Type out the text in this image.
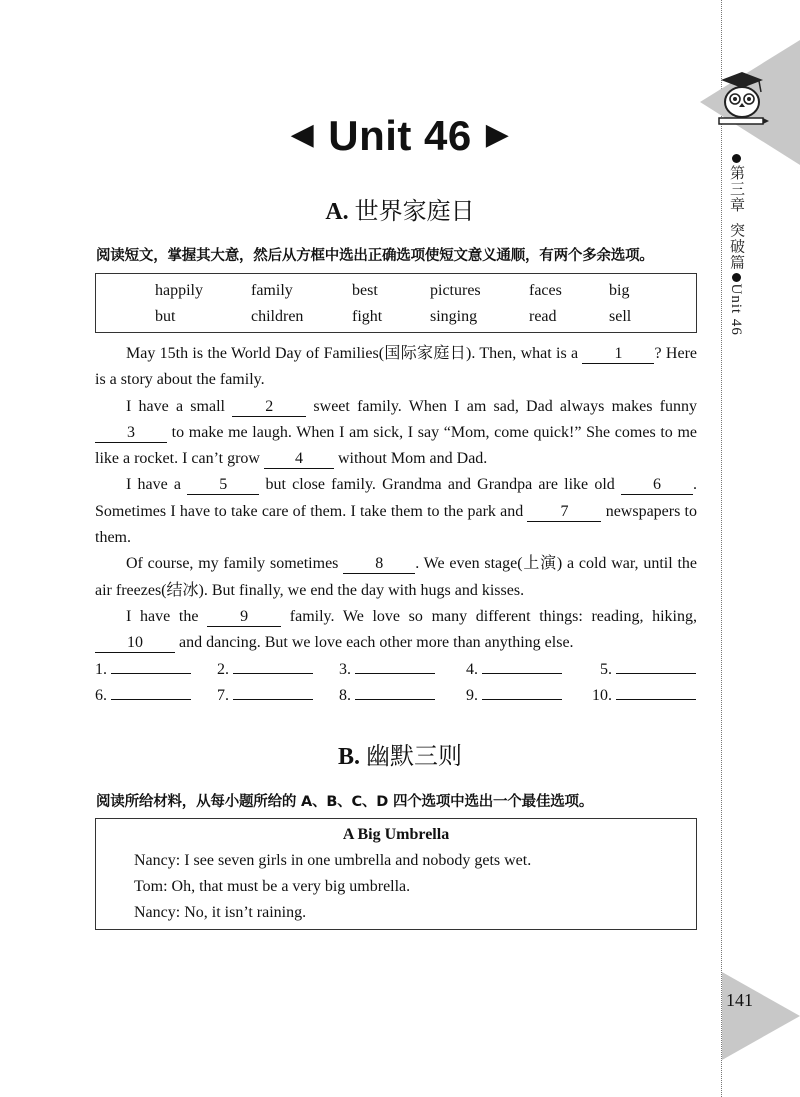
第三章  突破篇Unit 46
141
◀ Unit 46 ▶
A. 世界家庭日
阅读短文，掌握其大意，然后从方框中选出正确选项使短文意义通顺，有两个多余选项。
happily	family	best	pictures	faces	big
but	children	fight	singing	read	sell

May 15th is the World Day of Families(国际家庭日). Then, what is a 1 ? Here is a story about the family.

I have a small 2 sweet family. When I am sad, Dad always makes funny 3 to make me laugh. When I am sick, I say “Mom, come quick!” She comes to me like a rocket. I can’t grow 4 without Mom and Dad.

I have a 5 but close family. Grandma and Grandpa are like old 6 . Sometimes I have to take care of them. I take them to the park and 7 newspapers to them.

Of course, my family sometimes 8 . We even stage(上演) a cold war, until the air freezes(结冰). But finally, we end the day with hugs and kisses.

I have the 9 family. We love so many different things: reading, hiking, 10 and dancing. But we love each other more than anything else.

1.	2.	3.	4.	5.
6.	7.	8.	9.	10.
B. 幽默三则
阅读所给材料，从每小题所给的 A、B、C、D 四个选项中选出一个最佳选项。
A Big Umbrella
Nancy: I see seven girls in one umbrella and nobody gets wet.
Tom: Oh, that must be a very big umbrella.
Nancy: No, it isn’t raining.
